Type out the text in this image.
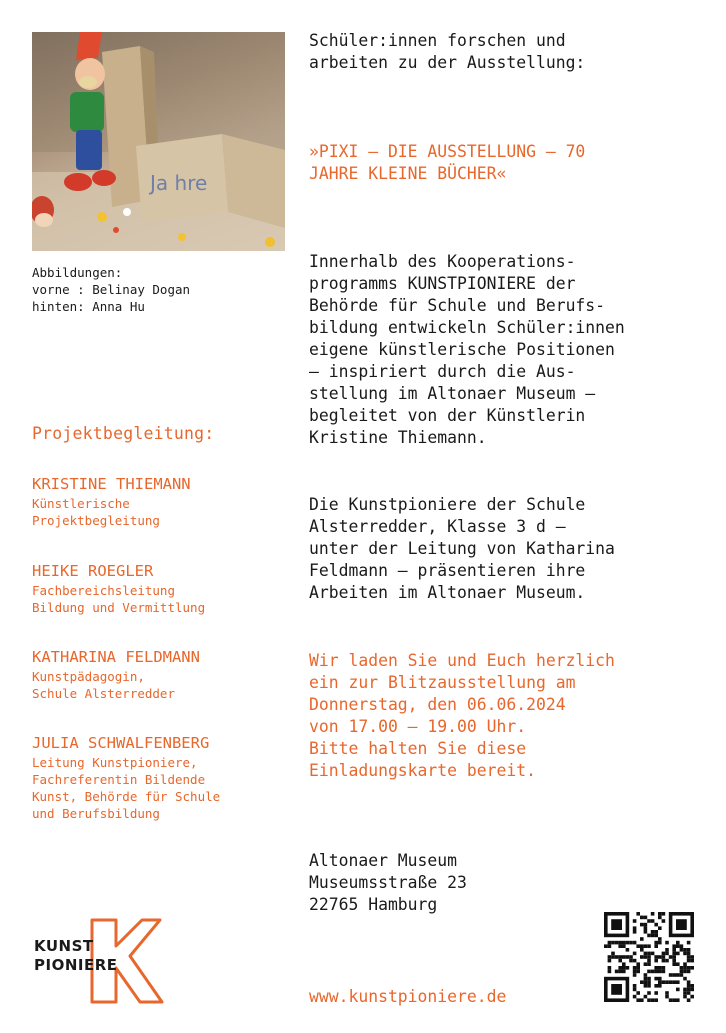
Ja hre
Abbildungen:
vorne : Belinay Dogan
hinten: Anna Hu
Projektbegleitung:
KRISTINE THIEMANN
Künstlerische
Projektbegleitung
HEIKE ROEGLER
Fachbereichsleitung
Bildung und Vermittlung
KATHARINA FELDMANN
Kunstpädagogin,
Schule Alsterredder
JULIA SCHWALFENBERG
Leitung Kunstpioniere,
Fachreferentin Bildende
Kunst, Behörde für Schule
und Berufsbildung
Schüler:innen forschen und
arbeiten zu der Ausstellung:
»PIXI – DIE AUSSTELLUNG – 70
JAHRE KLEINE BÜCHER«
Innerhalb des Kooperations-
programms KUNSTPIONIERE der
Behörde für Schule und Berufs-
bildung entwickeln Schüler:innen
eigene künstlerische Positionen
– inspiriert durch die Aus-
stellung im Altonaer Museum –
begleitet von der Künstlerin
Kristine Thiemann.
Die Kunstpioniere der Schule
Alsterredder, Klasse 3 d –
unter der Leitung von Katharina
Feldmann – präsentieren ihre
Arbeiten im Altonaer Museum.
Wir laden Sie und Euch herzlich
ein zur Blitzausstellung am
Donnerstag, den 06.06.2024
von 17.00 – 19.00 Uhr.
Bitte halten Sie diese
Einladungskarte bereit.
Altonaer Museum
Museumsstraße 23
22765 Hamburg
www.kunstpioniere.de
KUNST
PIONIERE
